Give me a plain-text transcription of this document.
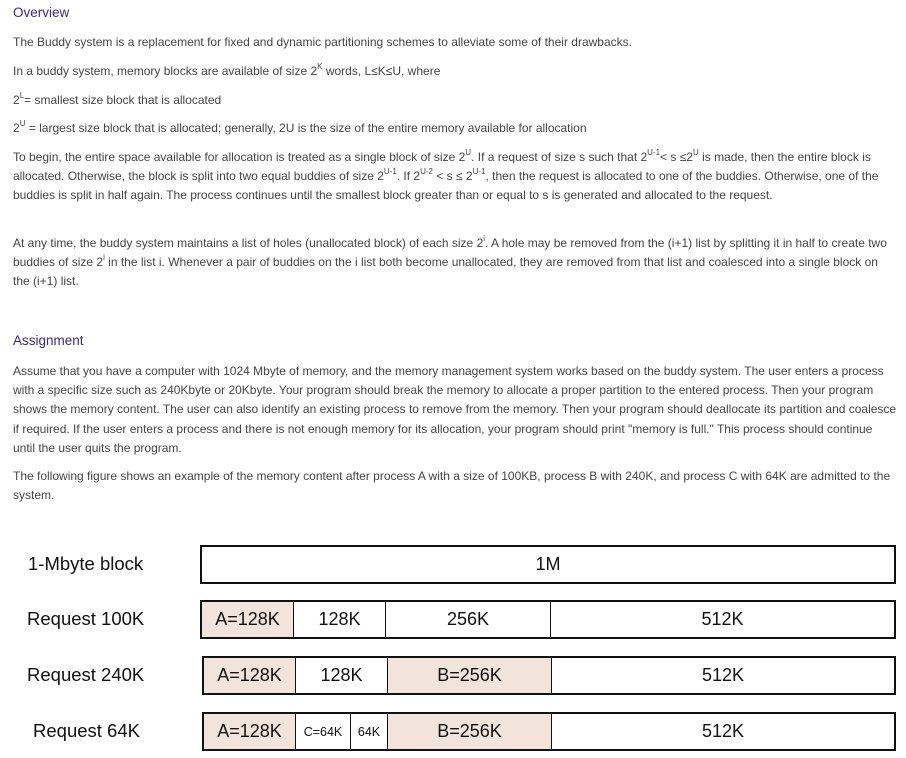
Overview

The Buddy system is a replacement for fixed and dynamic partitioning schemes to alleviate some of their drawbacks.

In a buddy system, memory blocks are available of size $2^K$ words, L≤K≤U, where

$2^L=$ smallest size block that is allocated

$2^U$ = largest size block that is allocated; generally, 2U is the size of the entire memory available for allocation

To begin, the entire space available for allocation is treated as a single block of size $2^U$. If a request of size s such that $2^{U-1}< s \le 2^U$ is made, then the entire block is allocated. Otherwise, the block is split into two equal buddies of size $2^{U-1}$. If $2^{U-2} < s \le 2^{U-1}$, then the request is allocated to one of the buddies. Otherwise, one of the buddies is split in half again. The process continues until the smallest block greater than or equal to s is generated and allocated to the request.

At any time, the buddy system maintains a list of holes (unallocated block) of each size 2$^i$. A hole may be removed from the (i+1) list by splitting it in half to create two buddies of size 2$^i$ in the list i. Whenever a pair of buddies on the i list both become unallocated, they are removed from that list and coalesced into a single block on the (i+1) list.

Assignment

Assume that you have a computer with 1024 Mbyte of memory, and the memory management system works based on the buddy system. The user enters a process with a specific size such as 240Kbyte or 20Kbyte. Your program should break the memory to allocate a proper partition to the entered process. Then your program shows the memory content. The user can also identify an existing process to remove from the memory. Then your program should deallocate its partition and coalesce if required. If the user enters a process and there is not enough memory for its allocation, your program should print "memory is full." This process should continue until the user quits the program.

The following figure shows an example of the memory content after process A with a size of 100KB, process B with 240K, and process C with 64K are admitted to the system.

1-Mbyte block	1M
Request 100K	A=128K	128K	256K	512K
Request 240K	A=128K	128K	B=256K	512K
Request 64K	A=128K	C=64K	64K	B=256K	512K
